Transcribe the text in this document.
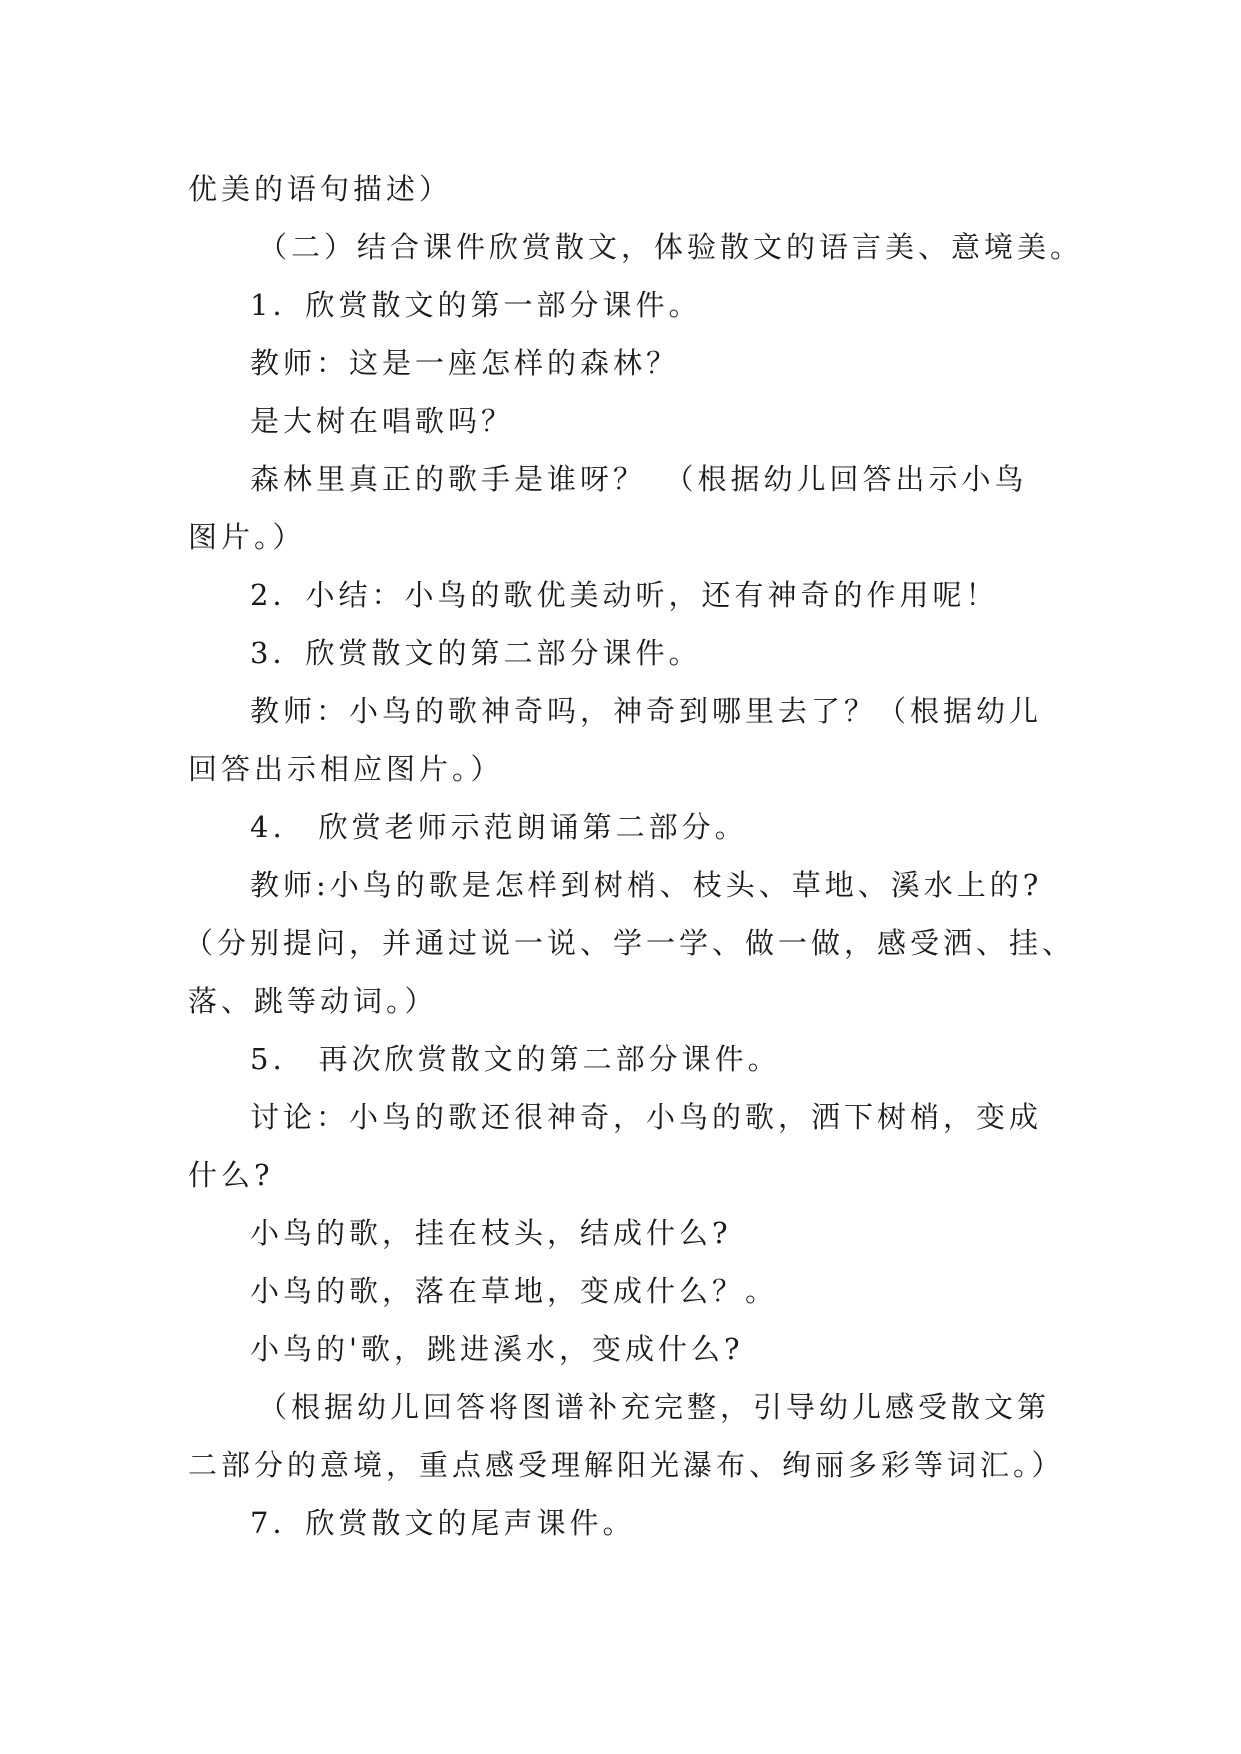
优美的语句描述）
（二）结合课件欣赏散文，体验散文的语言美、意境美。
1．欣赏散文的第一部分课件。
教师：这是一座怎样的森林？
是大树在唱歌吗？
森林里真正的歌手是谁呀？　（根据幼儿回答出示小鸟
图片。）
2．小结：小鸟的歌优美动听，还有神奇的作用呢！
3．欣赏散文的第二部分课件。
教师：小鸟的歌神奇吗，神奇到哪里去了？（根据幼儿
回答出示相应图片。）
4.　欣赏老师示范朗诵第二部分。
教师:小鸟的歌是怎样到树梢、枝头、草地、溪水上的?
（分别提问，并通过说一说、学一学、做一做，感受洒、挂、
落、跳等动词。）
5.　再次欣赏散文的第二部分课件。
讨论：小鸟的歌还很神奇，小鸟的歌，洒下树梢，变成
什么?
小鸟的歌，挂在枝头，结成什么?
小鸟的歌，落在草地，变成什么？。
小鸟的'歌，跳进溪水，变成什么?
（根据幼儿回答将图谱补充完整，引导幼儿感受散文第
二部分的意境，重点感受理解阳光瀑布、绚丽多彩等词汇。）
7．欣赏散文的尾声课件。
